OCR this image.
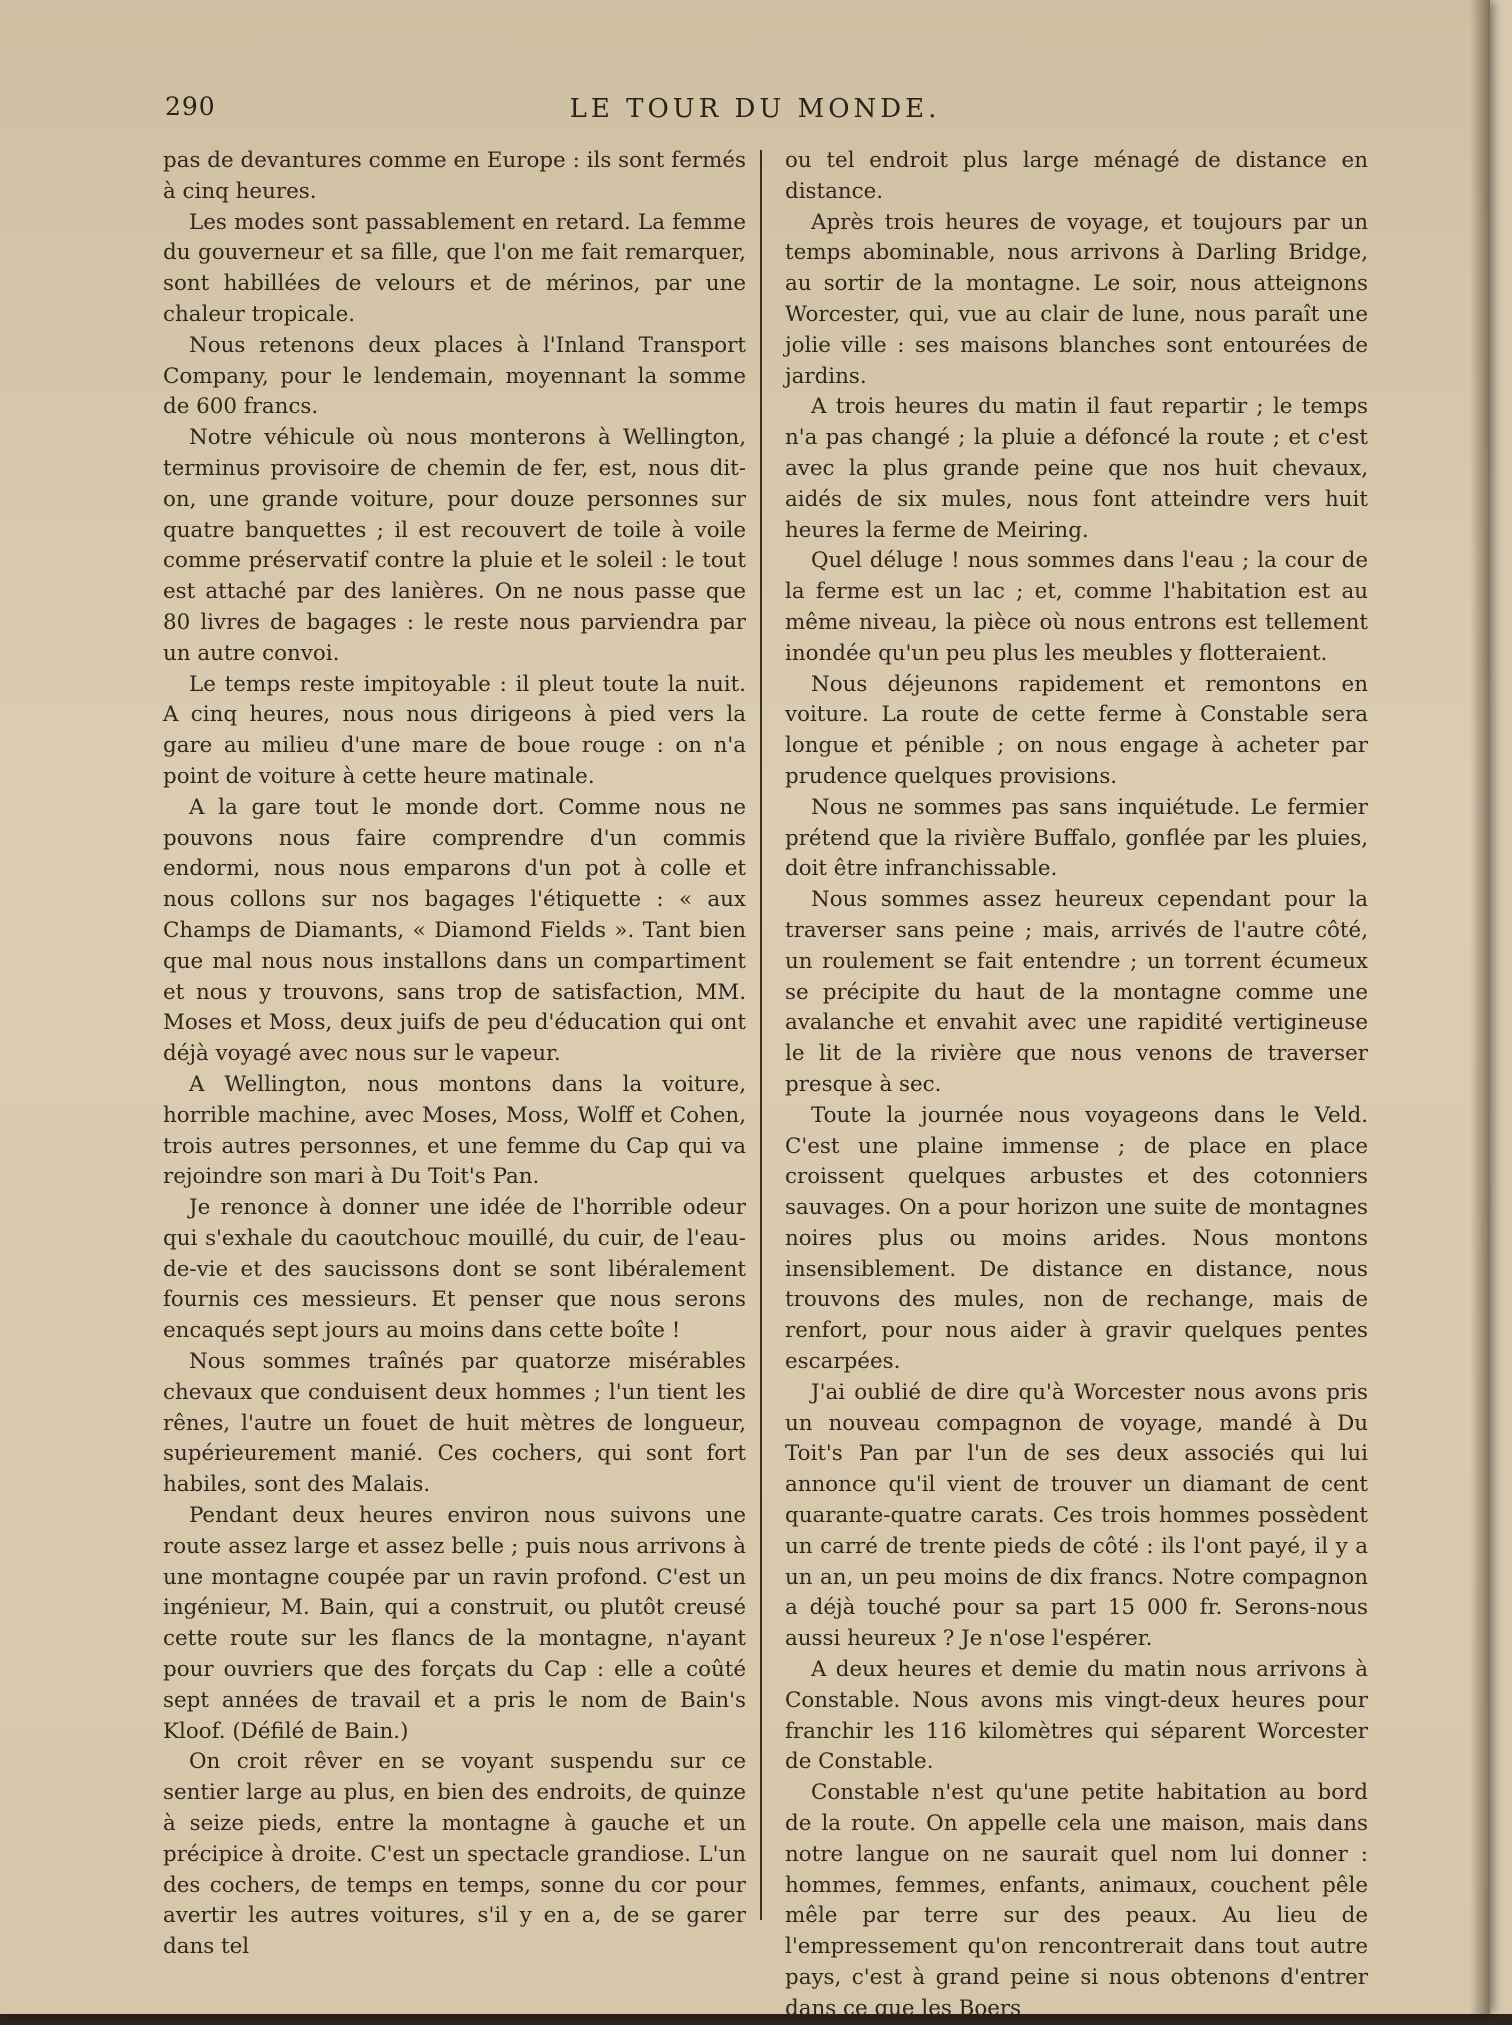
290	LE TOUR DU MONDE.

pas de devantures comme en Europe : ils sont fermés à cinq heures.

Les modes sont passablement en retard. La femme du gouverneur et sa fille, que l'on me fait remarquer, sont habillées de velours et de mérinos, par une chaleur tropicale.

Nous retenons deux places à l'Inland Transport Company, pour le lendemain, moyennant la somme de 600 francs.

Notre véhicule où nous monterons à Wellington, terminus provisoire de chemin de fer, est, nous dit-on, une grande voiture, pour douze personnes sur quatre banquettes ; il est recouvert de toile à voile comme préservatif contre la pluie et le soleil : le tout est attaché par des lanières. On ne nous passe que 80 livres de bagages : le reste nous parviendra par un autre convoi.

Le temps reste impitoyable : il pleut toute la nuit. A cinq heures, nous nous dirigeons à pied vers la gare au milieu d'une mare de boue rouge : on n'a point de voiture à cette heure matinale.

A la gare tout le monde dort. Comme nous ne pouvons nous faire comprendre d'un commis endormi, nous nous emparons d'un pot à colle et nous collons sur nos bagages l'étiquette : « aux Champs de Diamants, « Diamond Fields ». Tant bien que mal nous nous installons dans un compartiment et nous y trouvons, sans trop de satisfaction, MM. Moses et Moss, deux juifs de peu d'éducation qui ont déjà voyagé avec nous sur le vapeur.

A Wellington, nous montons dans la voiture, horrible machine, avec Moses, Moss, Wolff et Cohen, trois autres personnes, et une femme du Cap qui va rejoindre son mari à Du Toit's Pan.

Je renonce à donner une idée de l'horrible odeur qui s'exhale du caoutchouc mouillé, du cuir, de l'eau-de-vie et des saucissons dont se sont libéralement fournis ces messieurs. Et penser que nous serons encaqués sept jours au moins dans cette boîte !

Nous sommes traînés par quatorze misérables chevaux que conduisent deux hommes ; l'un tient les rênes, l'autre un fouet de huit mètres de longueur, supérieurement manié. Ces cochers, qui sont fort habiles, sont des Malais.

Pendant deux heures environ nous suivons une route assez large et assez belle ; puis nous arrivons à une montagne coupée par un ravin profond. C'est un ingénieur, M. Bain, qui a construit, ou plutôt creusé cette route sur les flancs de la montagne, n'ayant pour ouvriers que des forçats du Cap : elle a coûté sept années de travail et a pris le nom de Bain's Kloof. (Défilé de Bain.)

On croit rêver en se voyant suspendu sur ce sentier large au plus, en bien des endroits, de quinze à seize pieds, entre la montagne à gauche et un précipice à droite. C'est un spectacle grandiose. L'un des cochers, de temps en temps, sonne du cor pour avertir les autres voitures, s'il y en a, de se garer dans tel

ou tel endroit plus large ménagé de distance en distance.

Après trois heures de voyage, et toujours par un temps abominable, nous arrivons à Darling Bridge, au sortir de la montagne. Le soir, nous atteignons Worcester, qui, vue au clair de lune, nous paraît une jolie ville : ses maisons blanches sont entourées de jardins.

A trois heures du matin il faut repartir ; le temps n'a pas changé ; la pluie a défoncé la route ; et c'est avec la plus grande peine que nos huit chevaux, aidés de six mules, nous font atteindre vers huit heures la ferme de Meiring.

Quel déluge ! nous sommes dans l'eau ; la cour de la ferme est un lac ; et, comme l'habitation est au même niveau, la pièce où nous entrons est tellement inondée qu'un peu plus les meubles y flotteraient.

Nous déjeunons rapidement et remontons en voiture. La route de cette ferme à Constable sera longue et pénible ; on nous engage à acheter par prudence quelques provisions.

Nous ne sommes pas sans inquiétude. Le fermier prétend que la rivière Buffalo, gonflée par les pluies, doit être infranchissable.

Nous sommes assez heureux cependant pour la traverser sans peine ; mais, arrivés de l'autre côté, un roulement se fait entendre ; un torrent écumeux se précipite du haut de la montagne comme une avalanche et envahit avec une rapidité vertigineuse le lit de la rivière que nous venons de traverser presque à sec.

Toute la journée nous voyageons dans le Veld. C'est une plaine immense ; de place en place croissent quelques arbustes et des cotonniers sauvages. On a pour horizon une suite de montagnes noires plus ou moins arides. Nous montons insensiblement. De distance en distance, nous trouvons des mules, non de rechange, mais de renfort, pour nous aider à gravir quelques pentes escarpées.

J'ai oublié de dire qu'à Worcester nous avons pris un nouveau compagnon de voyage, mandé à Du Toit's Pan par l'un de ses deux associés qui lui annonce qu'il vient de trouver un diamant de cent quarante-quatre carats. Ces trois hommes possèdent un carré de trente pieds de côté : ils l'ont payé, il y a un an, un peu moins de dix francs. Notre compagnon a déjà touché pour sa part 15 000 fr. Serons-nous aussi heureux ? Je n'ose l'espérer.

A deux heures et demie du matin nous arrivons à Constable. Nous avons mis vingt-deux heures pour franchir les 116 kilomètres qui séparent Worcester de Constable.

Constable n'est qu'une petite habitation au bord de la route. On appelle cela une maison, mais dans notre langue on ne saurait quel nom lui donner : hommes, femmes, enfants, animaux, couchent pêle mêle par terre sur des peaux. Au lieu de l'empressement qu'on rencontrerait dans tout autre pays, c'est à grand peine si nous obtenons d'entrer dans ce que les Boers
